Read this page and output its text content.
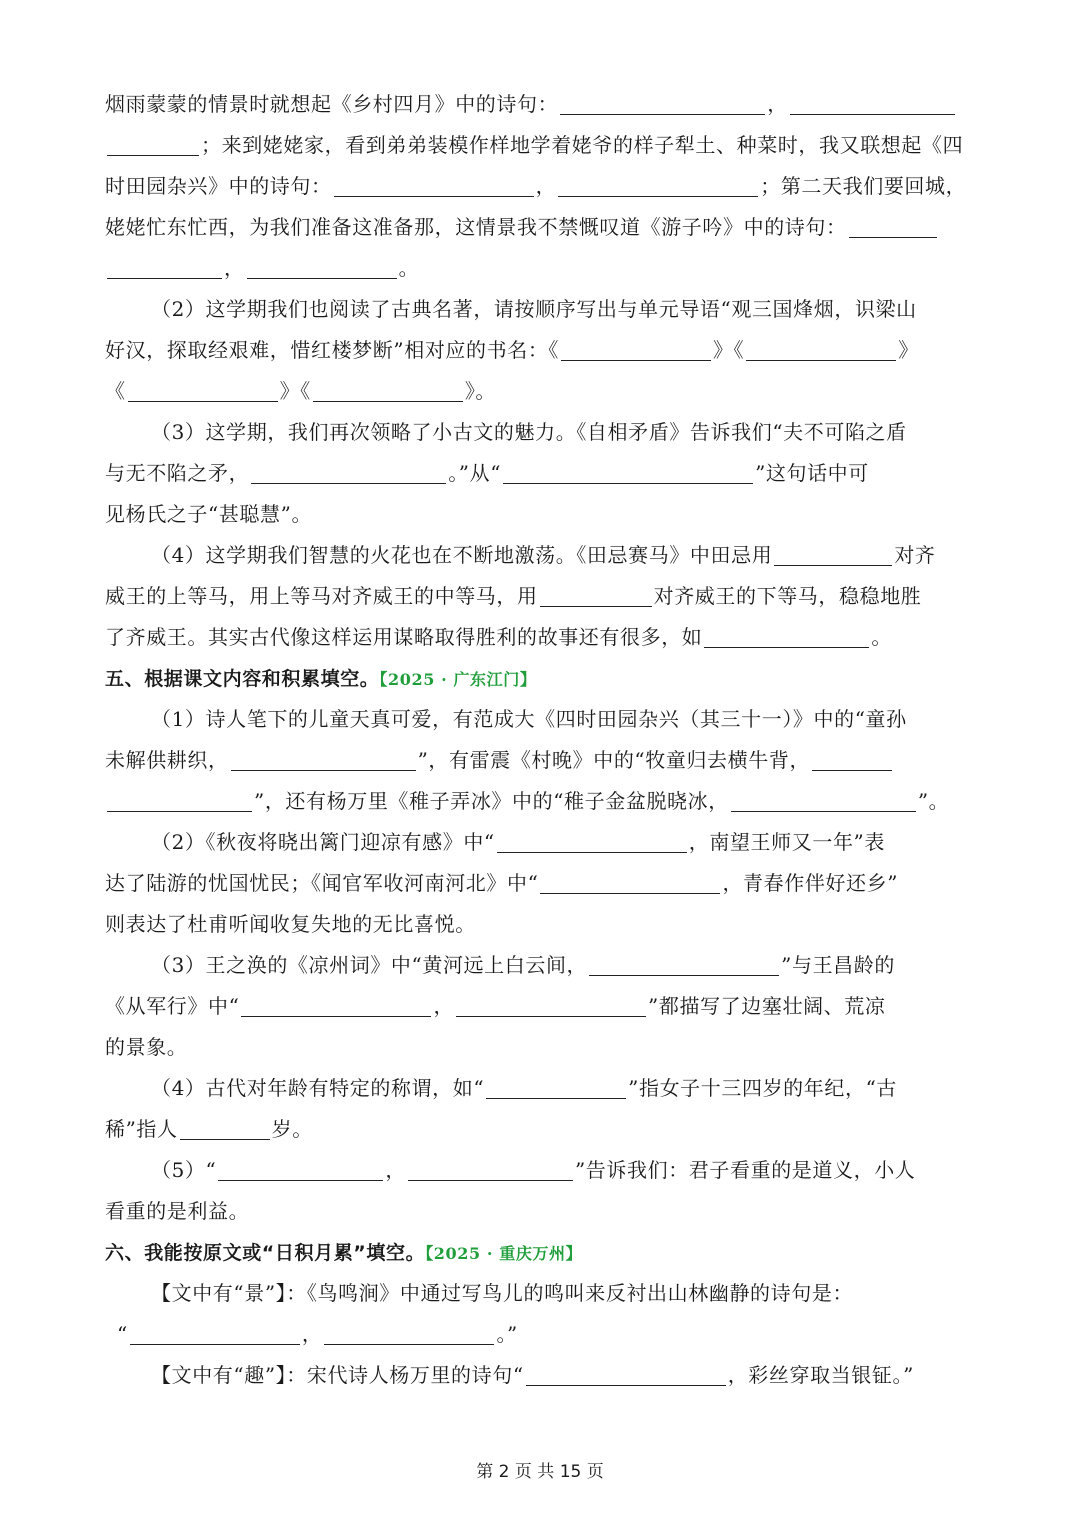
烟雨蒙蒙的情景时就想起《乡村四月》中的诗句：	，
；来到姥姥家，看到弟弟装模作样地学着姥爷的样子犁土、种菜时，我又联想起《四
时田园杂兴》中的诗句：	，	；第二天我们要回城，
姥姥忙东忙西，为我们准备这准备那，这情景我不禁慨叹道《游子吟》中的诗句：
，	。
（2）这学期我们也阅读了古典名著，请按顺序写出与单元导语“观三国烽烟，识梁山
好汉，探取经艰难，惜红楼梦断”相对应的书名：《	》《	》
《	》《	》。
（3）这学期，我们再次领略了小古文的魅力。《自相矛盾》告诉我们“夫不可陷之盾
与无不陷之矛，	。”从“	”这句话中可
见杨氏之子“甚聪慧”。
（4）这学期我们智慧的火花也在不断地激荡。《田忌赛马》中田忌用	对齐
威王的上等马，用上等马对齐威王的中等马，用	对齐威王的下等马，稳稳地胜
了齐威王。其实古代像这样运用谋略取得胜利的故事还有很多，如	。
五、根据课文内容和积累填空。【2025 · 广东江门】
（1）诗人笔下的儿童天真可爱，有范成大《四时田园杂兴（其三十一）》中的“童孙
未解供耕织，	”，有雷震《村晚》中的“牧童归去横牛背，
”，还有杨万里《稚子弄冰》中的“稚子金盆脱晓冰，	”。
（2）《秋夜将晓出篱门迎凉有感》中“	，南望王师又一年”表
达了陆游的忧国忧民；《闻官军收河南河北》中“	，青春作伴好还乡”
则表达了杜甫听闻收复失地的无比喜悦。
（3）王之涣的《凉州词》中“黄河远上白云间，	”与王昌龄的
《从军行》中“	，	”都描写了边塞壮阔、荒凉
的景象。
（4）古代对年龄有特定的称谓，如“	”指女子十三四岁的年纪，“古
稀”指人	岁。
（5）“	，	”告诉我们：君子看重的是道义，小人
看重的是利益。
六、我能按原文或“日积月累”填空。【2025 · 重庆万州】
【文中有“景”】：《鸟鸣涧》中通过写鸟儿的鸣叫来反衬出山林幽静的诗句是：
“	，	。”
【文中有“趣”】：宋代诗人杨万里的诗句“	，彩丝穿取当银钲。”
第 2 页 共 15 页
